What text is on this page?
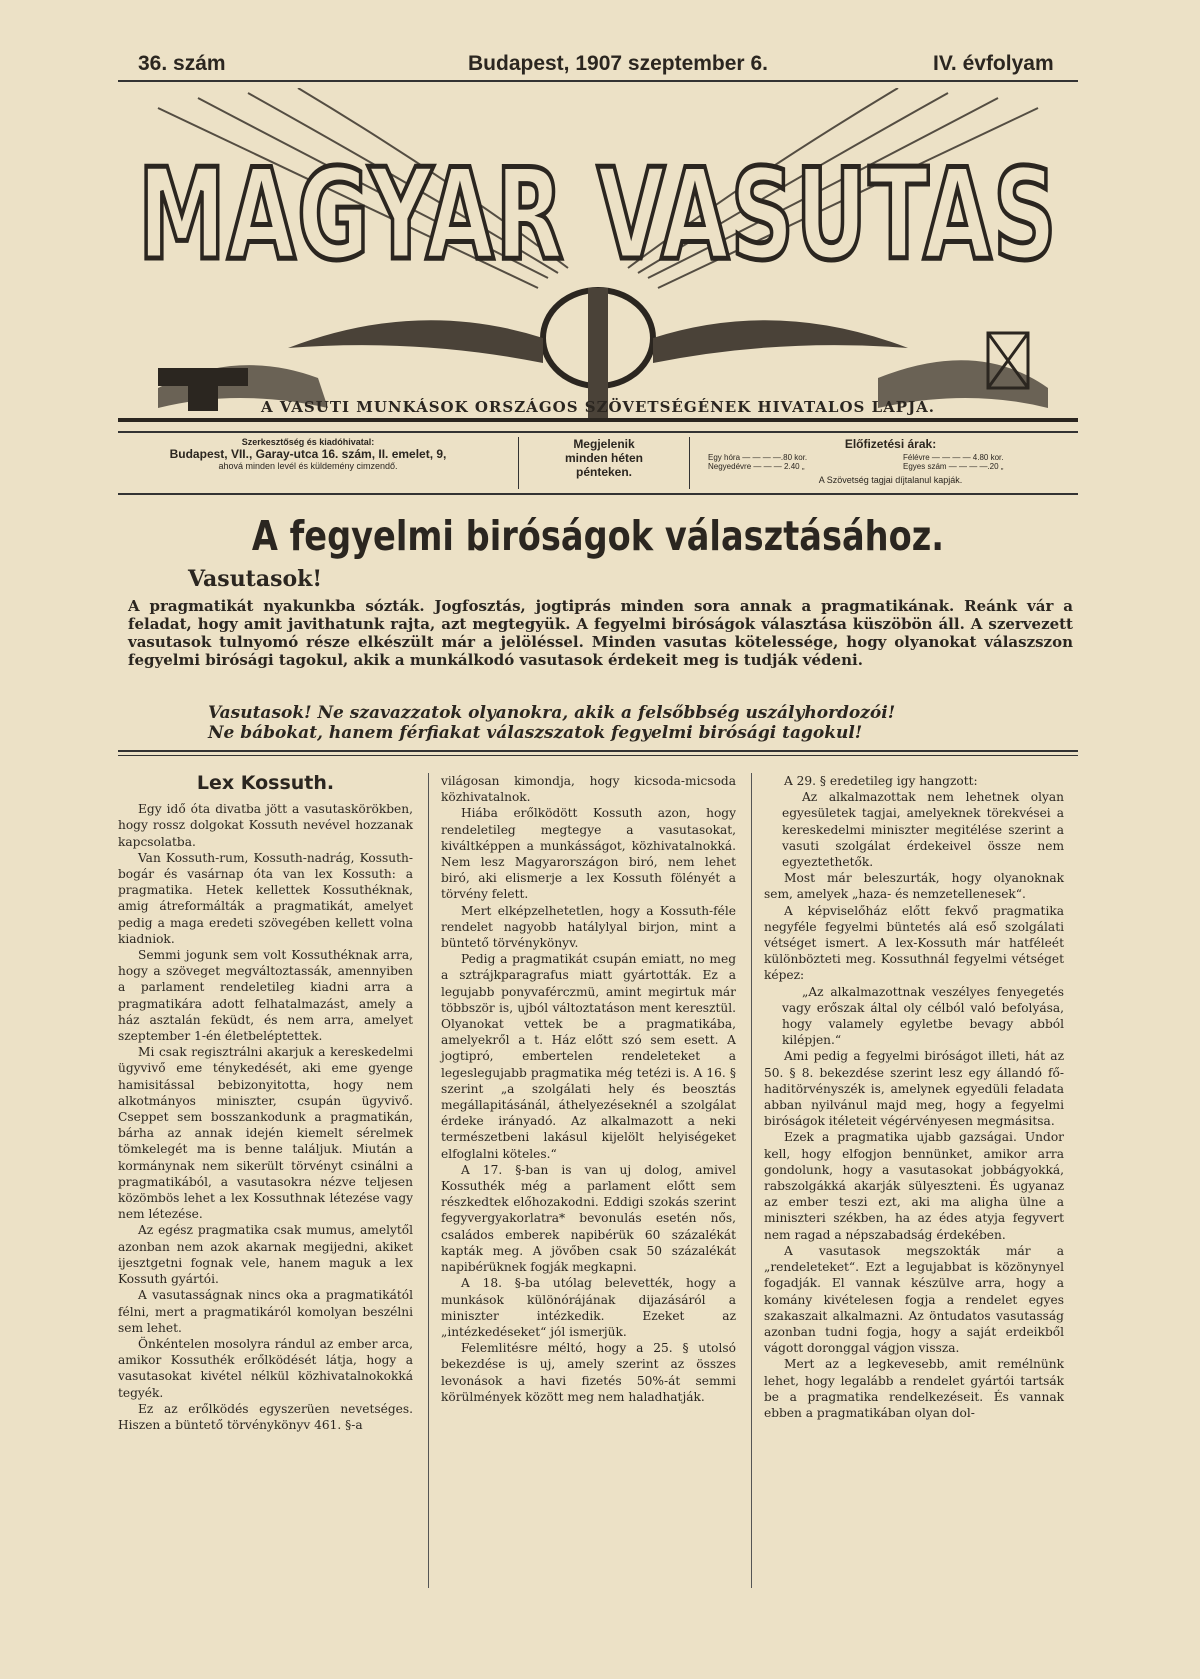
36. szám	Budapest, 1907 szeptember 6.	IV. évfolyam
MAGYAR VASUTAS
A VASUTI MUNKÁSOK ORSZÁGOS SZÖVETSÉGÉNEK HIVATALOS LAPJA.
Szerkesztőség és kiadóhivatal:
Budapest, VII., Garay-utca 16. szám, II. emelet, 9,
ahová minden levél és küldemény cimzendő.
Megjelenik
minden héten
pénteken.
Előfizetési árak:
Egy hóra — — — —.80 kor.
Negyedévre — — — 2.40 „
Félévre — — — — 4.80 kor.
Egyes szám — — — —.20 „
A Szövetség tagjai díjtalanul kapják.
A fegyelmi biróságok választásához.
Vasutasok!
A pragmatikát nyakunkba sózták. Jogfosztás, jogtiprás minden sora annak a pragmatikának. Reánk vár a feladat, hogy amit javithatunk rajta, azt megtegyük. A fegyelmi biróságok választása küszöbön áll. A szervezett vasutasok tulnyomó része elkészült már a jelöléssel. Minden vasutas kötelessége, hogy olyanokat válaszszon fegyelmi birósági tagokul, akik a munkálkodó vasutasok érdekeit meg is tudják védeni.
Vasutasok! Ne szavazzatok olyanokra, akik a felsőbbség uszályhordozói!
Ne bábokat, hanem férfiakat válaszszatok fegyelmi birósági tagokul!
Lex Kossuth.

Egy idő óta divatba jött a vasutaskörökben, hogy rossz dolgokat Kossuth nevével hozzanak kapcsolatba.

Van Kossuth-rum, Kossuth-nadrág, Kossuth-bogár és vasárnap óta van lex Kossuth: a pragmatika. Hetek kellettek Kossuthéknak, amig átreformálták a pragmatikát, amelyet pedig a maga eredeti szövegében kellett volna kiadniok.

Semmi jogunk sem volt Kossuthéknak arra, hogy a szöveget megváltoztassák, amennyiben a parlament rendeletileg kiadni arra a pragmatikára adott felhatalmazást, amely a ház asztalán feküdt, és nem arra, amelyet szeptember 1-én életbeléptettek.

Mi csak regisztrálni akarjuk a kereskedelmi ügyvivő eme ténykedését, aki eme gyenge hamisitással bebizonyitotta, hogy nem alkotmányos miniszter, csupán ügyvivő. Cseppet sem bosszankodunk a pragmatikán, bárha az annak idején kiemelt sérelmek tömkelegét ma is benne találjuk. Miután a kormánynak nem sikerült törvényt csinálni a pragmatikából, a vasutasokra nézve teljesen közömbös lehet a lex Kossuthnak létezése vagy nem létezése.

Az egész pragmatika csak mumus, amelytől azonban nem azok akarnak megijedni, akiket ijesztgetni fognak vele, hanem maguk a lex Kossuth gyártói.

A vasutasságnak nincs oka a pragmatikától félni, mert a pragmatikáról komolyan beszélni sem lehet.

Önkéntelen mosolyra rándul az ember arca, amikor Kossuthék erőlködését látja, hogy a vasutasokat kivétel nélkül közhivatalnokokká tegyék.

Ez az erőlködés egyszerüen nevetséges. Hiszen a büntető törvénykönyv 461. §-a

világosan kimondja, hogy kicsoda-micsoda közhivatalnok.

Hiába erőlködött Kossuth azon, hogy rendeletileg megtegye a vasutasokat, kiváltképpen a munkásságot, közhivatalnokká. Nem lesz Magyarországon biró, nem lehet biró, aki elismerje a lex Kossuth fölényét a törvény felett.

Mert elképzelhetetlen, hogy a Kossuth-féle rendelet nagyobb hatálylyal birjon, mint a büntető törvénykönyv.

Pedig a pragmatikát csupán emiatt, no meg a sztrájkparagrafus miatt gyártották. Ez a legujabb ponyvaférczmü, amint megirtuk már többször is, ujból változtatáson ment keresztül. Olyanokat vettek be a pragmatikába, amelyekről a t. Ház előtt szó sem esett. A jogtipró, embertelen rendeleteket a legeslegujabb pragmatika még tetézi is. A 16. § szerint „a szolgálati hely és beosztás megállapitásánál, áthelyezéseknél a szolgálat érdeke irányadó. Az alkalmazott a neki természetbeni lakásul kijelölt helyiségeket elfoglalni köteles.“

A 17. §-ban is van uj dolog, amivel Kossuthék még a parlament előtt sem részkedtek előhozakodni. Eddigi szokás szerint fegyvergyakorlatra* bevonulás esetén nős, családos emberek napibérük 60 százalékát kapták meg. A jövőben csak 50 százalékát napibérüknek fogják megkapni.

A 18. §-ba utólag belevették, hogy a munkások különórájának dijazásáról a miniszter intézkedik. Ezeket az „intézkedéseket“ jól ismerjük.

Felemlitésre méltó, hogy a 25. § utolsó bekezdése is uj, amely szerint az összes levonások a havi fizetés 50%-át semmi körülmények között meg nem haladhatják.

A 29. § eredetileg igy hangzott:

Az alkalmazottak nem lehetnek olyan egyesületek tagjai, amelyeknek törekvései a kereskedelmi miniszter megitélése szerint a vasuti szolgálat érdekeivel össze nem egyeztethetők.

Most már beleszurták, hogy olyanoknak sem, amelyek „haza- és nemzetellenesek“.

A képviselőház előtt fekvő pragmatika negyféle fegyelmi büntetés alá eső szolgálati vétséget ismert. A lex-Kossuth már hatféleét különbözteti meg. Kossuthnál fegyelmi vétséget képez:

„Az alkalmazottnak veszélyes fenyegetés vagy erőszak által oly célból való befolyása, hogy valamely egyletbe bevagy abból kilépjen.“

Ami pedig a fegyelmi biróságot illeti, hát az 50. § 8. bekezdése szerint lesz egy állandó fő-haditörvényszék is, amelynek egyedüli feladata abban nyilvánul majd meg, hogy a fegyelmi biróságok itéleteit végérvényesen megmásitsa.

Ezek a pragmatika ujabb gazságai. Undor kell, hogy elfogjon bennünket, amikor arra gondolunk, hogy a vasutasokat jobbágyokká, rabszolgákká akarják sülyeszteni. És ugyanaz az ember teszi ezt, aki ma aligha ülne a miniszteri székben, ha az édes atyja fegyvert nem ragad a népszabadság érdekében.

A vasutasok megszokták már a „rendeleteket“. Ezt a legujabbat is közönynyel fogadják. El vannak készülve arra, hogy a komány kivételesen fogja a rendelet egyes szakaszait alkalmazni. Az öntudatos vasutasság azonban tudni fogja, hogy a saját erdeikből vágott doronggal vágjon vissza.

Mert az a legkevesebb, amit remélnünk lehet, hogy legalább a rendelet gyártói tartsák be a pragmatika rendelkezéseit. És vannak ebben a pragmatikában olyan dol-
